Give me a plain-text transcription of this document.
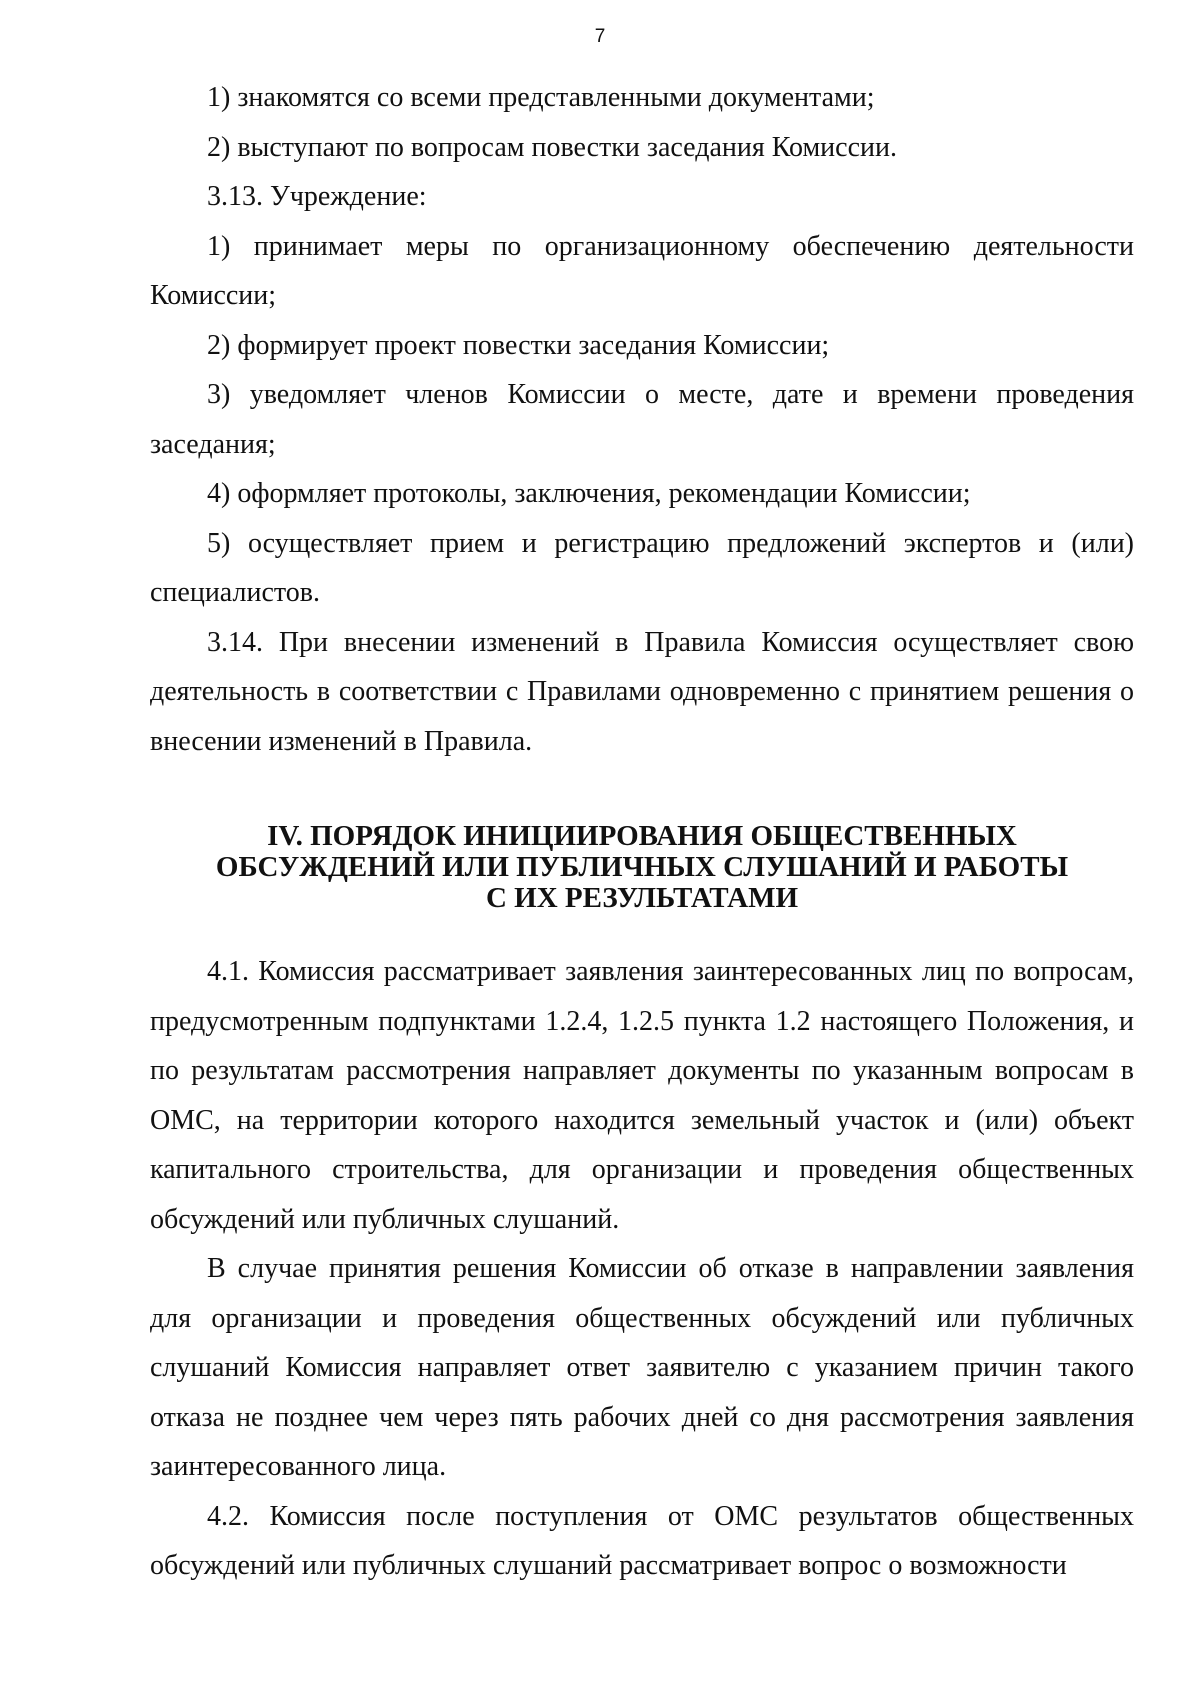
7

1) знакомятся со всеми представленными документами;

2) выступают по вопросам повестки заседания Комиссии.

3.13. Учреждение:

1) принимает меры по организационному обеспечению деятельности Комиссии;

2) формирует проект повестки заседания Комиссии;

3) уведомляет членов Комиссии о месте, дате и времени проведения заседания;

4) оформляет протоколы, заключения, рекомендации Комиссии;

5) осуществляет прием и регистрацию предложений экспертов и (или) специалистов.

3.14. При внесении изменений в Правила Комиссия осуществляет свою деятельность в соответствии с Правилами одновременно с принятием решения о внесении изменений в Правила.

IV. ПОРЯДОК ИНИЦИИРОВАНИЯ ОБЩЕСТВЕННЫХ
ОБСУЖДЕНИЙ ИЛИ ПУБЛИЧНЫХ СЛУШАНИЙ И РАБОТЫ
С ИХ РЕЗУЛЬТАТАМИ

4.1. Комиссия рассматривает заявления заинтересованных лиц по вопросам, предусмотренным подпунктами 1.2.4, 1.2.5 пункта 1.2 настоящего Положения, и по результатам рассмотрения направляет документы по указанным вопросам в ОМС, на территории которого находится земельный участок и (или) объект капитального строительства, для организации и проведения общественных обсуждений или публичных слушаний.

В случае принятия решения Комиссии об отказе в направлении заявления для организации и проведения общественных обсуждений или публичных слушаний Комиссия направляет ответ заявителю с указанием причин такого отказа не позднее чем через пять рабочих дней со дня рассмотрения заявления заинтересованного лица.

4.2. Комиссия после поступления от ОМС результатов общественных обсуждений или публичных слушаний рассматривает вопрос о возможности
